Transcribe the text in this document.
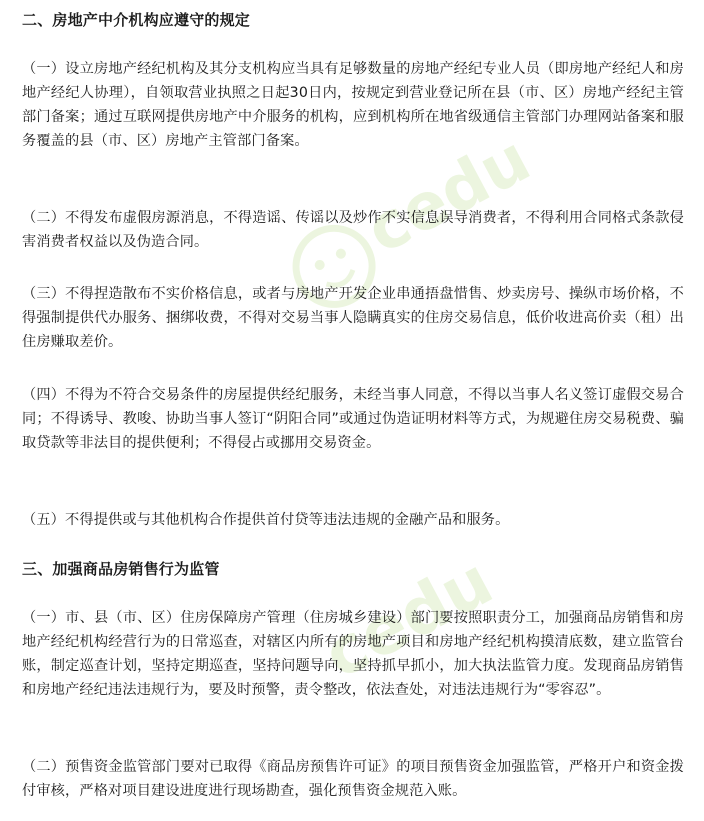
cedu
cedu
二、房地产中介机构应遵守的规定
（一）设立房地产经纪机构及其分支机构应当具有足够数量的房地产经纪专业人员（即房地产经纪人和房地产经纪人协理），自领取营业执照之日起30日内，按规定到营业登记所在县（市、区）房地产经纪主管部门备案；通过互联网提供房地产中介服务的机构，应到机构所在地省级通信主管部门办理网站备案和服务覆盖的县（市、区）房地产主管部门备案。
（二）不得发布虚假房源消息，不得造谣、传谣以及炒作不实信息误导消费者，不得利用合同格式条款侵害消费者权益以及伪造合同。
（三）不得捏造散布不实价格信息，或者与房地产开发企业串通捂盘惜售、炒卖房号、操纵市场价格，不得强制提供代办服务、捆绑收费，不得对交易当事人隐瞒真实的住房交易信息，低价收进高价卖（租）出住房赚取差价。
（四）不得为不符合交易条件的房屋提供经纪服务，未经当事人同意，不得以当事人名义签订虚假交易合同；不得诱导、教唆、协助当事人签订“阴阳合同”或通过伪造证明材料等方式，为规避住房交易税费、骗取贷款等非法目的提供便利；不得侵占或挪用交易资金。
（五）不得提供或与其他机构合作提供首付贷等违法违规的金融产品和服务。
三、加强商品房销售行为监管
（一）市、县（市、区）住房保障房产管理（住房城乡建设）部门要按照职责分工，加强商品房销售和房地产经纪机构经营行为的日常巡查，对辖区内所有的房地产项目和房地产经纪机构摸清底数，建立监管台账，制定巡查计划，坚持定期巡查，坚持问题导向，坚持抓早抓小，加大执法监管力度。发现商品房销售和房地产经纪违法违规行为，要及时预警，责令整改，依法查处，对违法违规行为“零容忍”。
（二）预售资金监管部门要对已取得《商品房预售许可证》的项目预售资金加强监管，严格开户和资金拨付审核，严格对项目建设进度进行现场勘查，强化预售资金规范入账。
